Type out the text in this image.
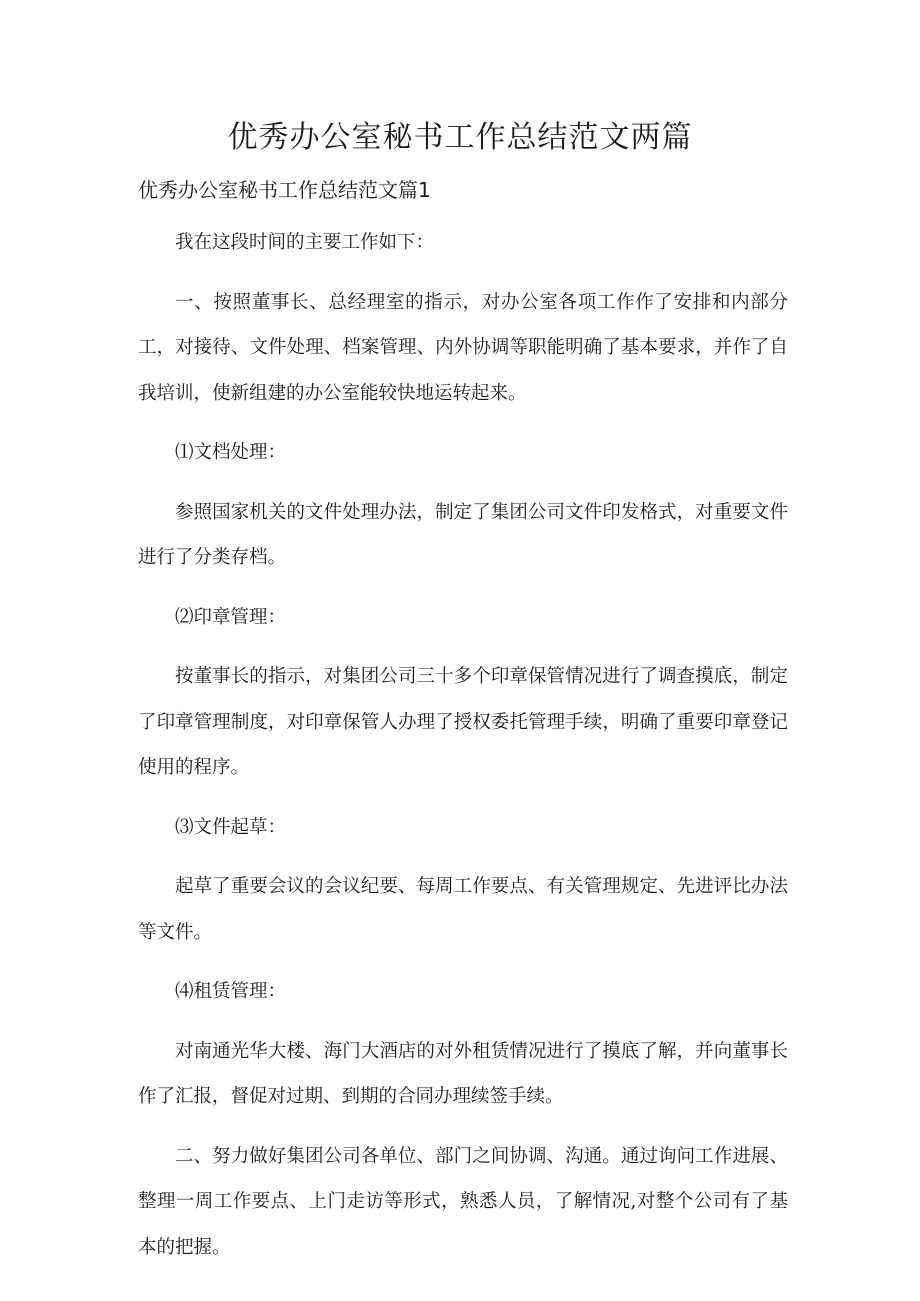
优秀办公室秘书工作总结范文两篇
优秀办公室秘书工作总结范文篇1

我在这段时间的主要工作如下：

一、按照董事长、总经理室的指示，对办公室各项工作作了安排和内部分工，对接待、文件处理、档案管理、内外协调等职能明确了基本要求，并作了自我培训，使新组建的办公室能较快地运转起来。

⑴文档处理：

参照国家机关的文件处理办法，制定了集团公司文件印发格式，对重要文件进行了分类存档。

⑵印章管理：

按董事长的指示，对集团公司三十多个印章保管情况进行了调查摸底，制定了印章管理制度，对印章保管人办理了授权委托管理手续，明确了重要印章登记使用的程序。

⑶文件起草：

起草了重要会议的会议纪要、每周工作要点、有关管理规定、先进评比办法等文件。

⑷租赁管理：

对南通光华大楼、海门大酒店的对外租赁情况进行了摸底了解，并向董事长作了汇报，督促对过期、到期的合同办理续签手续。

二、努力做好集团公司各单位、部门之间协调、沟通。通过询问工作进展、整理一周工作要点、上门走访等形式，熟悉人员，了解情况,对整个公司有了基本的把握。
